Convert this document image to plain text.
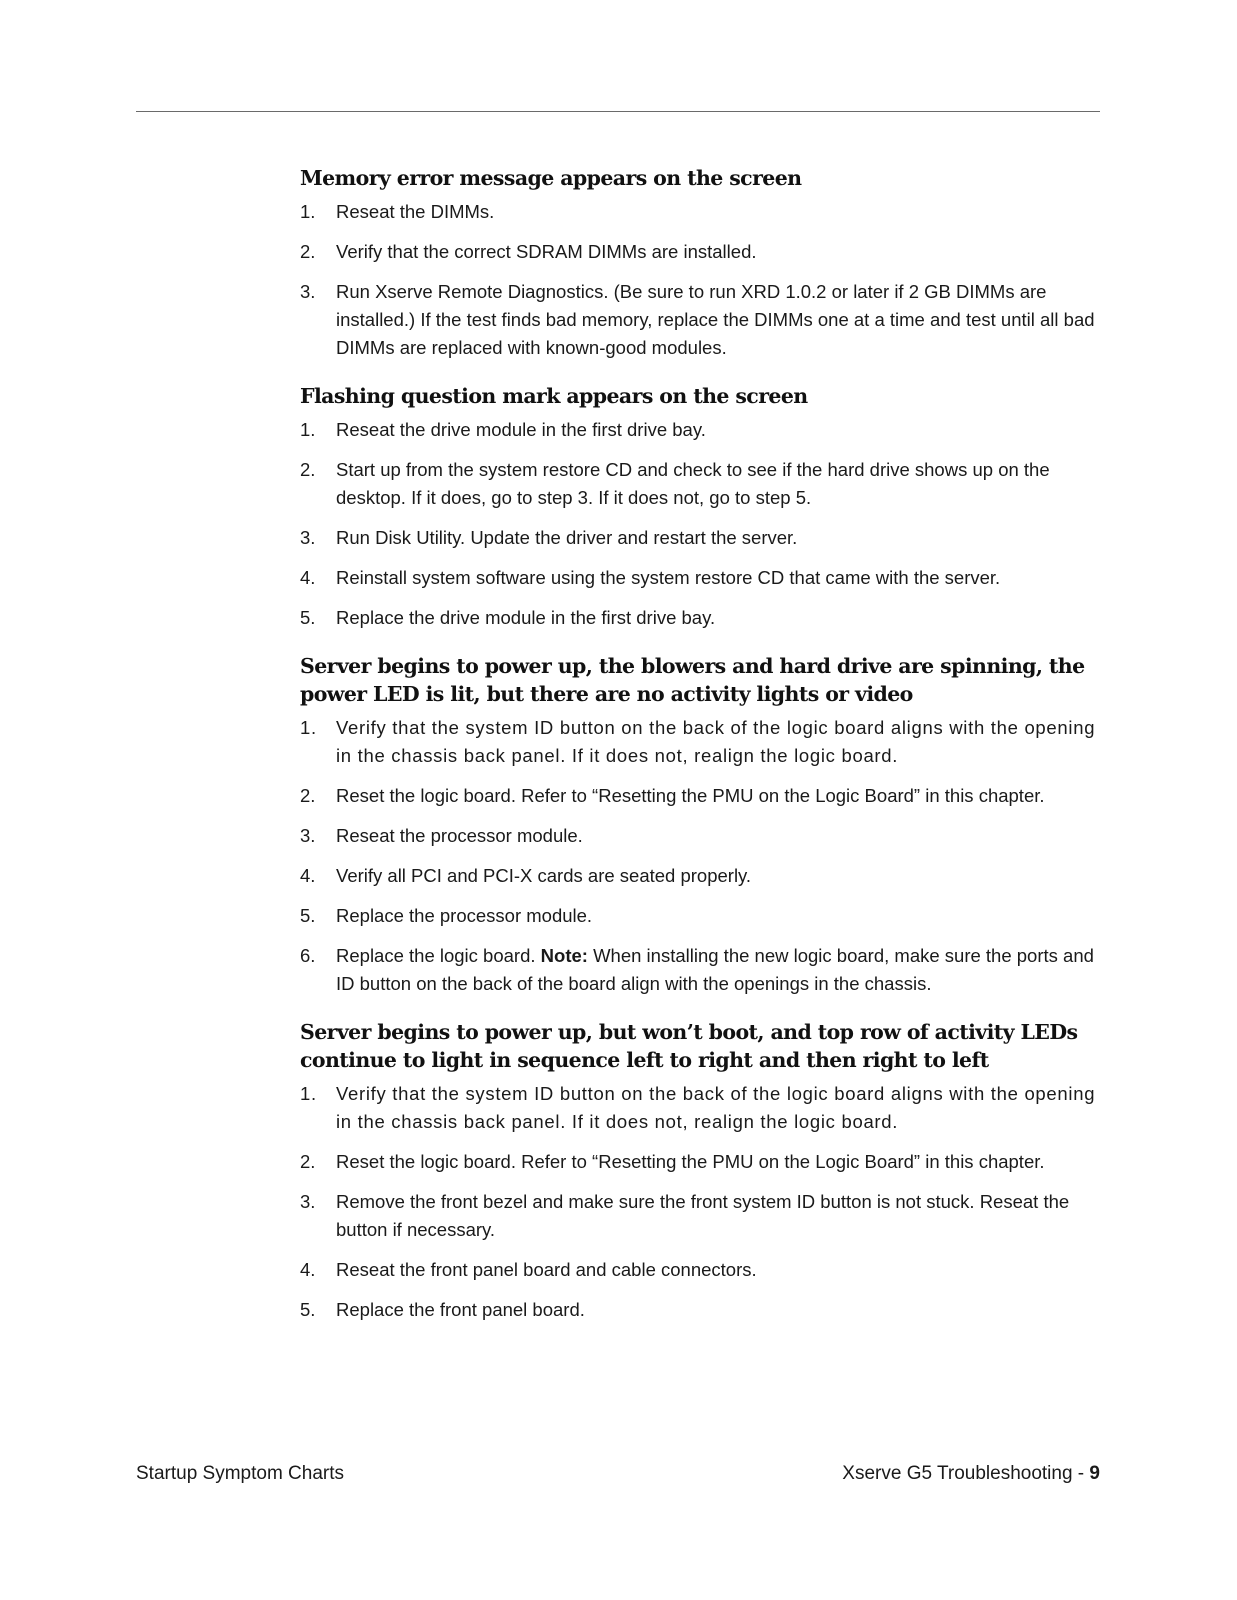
Memory error message appears on the screen
1. Reseat the DIMMs.
2. Verify that the correct SDRAM DIMMs are installed.
3. Run Xserve Remote Diagnostics. (Be sure to run XRD 1.0.2 or later if 2 GB DIMMs are installed.) If the test finds bad memory, replace the DIMMs one at a time and test until all bad DIMMs are replaced with known-good modules.
Flashing question mark appears on the screen
1. Reseat the drive module in the first drive bay.
2. Start up from the system restore CD and check to see if the hard drive shows up on the desktop. If it does, go to step 3. If it does not, go to step 5.
3. Run Disk Utility. Update the driver and restart the server.
4. Reinstall system software using the system restore CD that came with the server.
5. Replace the drive module in the first drive bay.
Server begins to power up, the blowers and hard drive are spinning, the power LED is lit, but there are no activity lights or video
1. Verify that the system ID button on the back of the logic board aligns with the opening in the chassis back panel. If it does not, realign the logic board.
2. Reset the logic board. Refer to “Resetting the PMU on the Logic Board” in this chapter.
3. Reseat the processor module.
4. Verify all PCI and PCI-X cards are seated properly.
5. Replace the processor module.
6. Replace the logic board. Note: When installing the new logic board, make sure the ports and ID button on the back of the board align with the openings in the chassis.
Server begins to power up, but won’t boot, and top row of activity LEDs continue to light in sequence left to right and then right to left
1. Verify that the system ID button on the back of the logic board aligns with the opening in the chassis back panel. If it does not, realign the logic board.
2. Reset the logic board. Refer to “Resetting the PMU on the Logic Board” in this chapter.
3. Remove the front bezel and make sure the front system ID button is not stuck. Reseat the button if necessary.
4. Reseat the front panel board and cable connectors.
5. Replace the front panel board.
Startup Symptom Charts	Xserve G5 Troubleshooting - 9
